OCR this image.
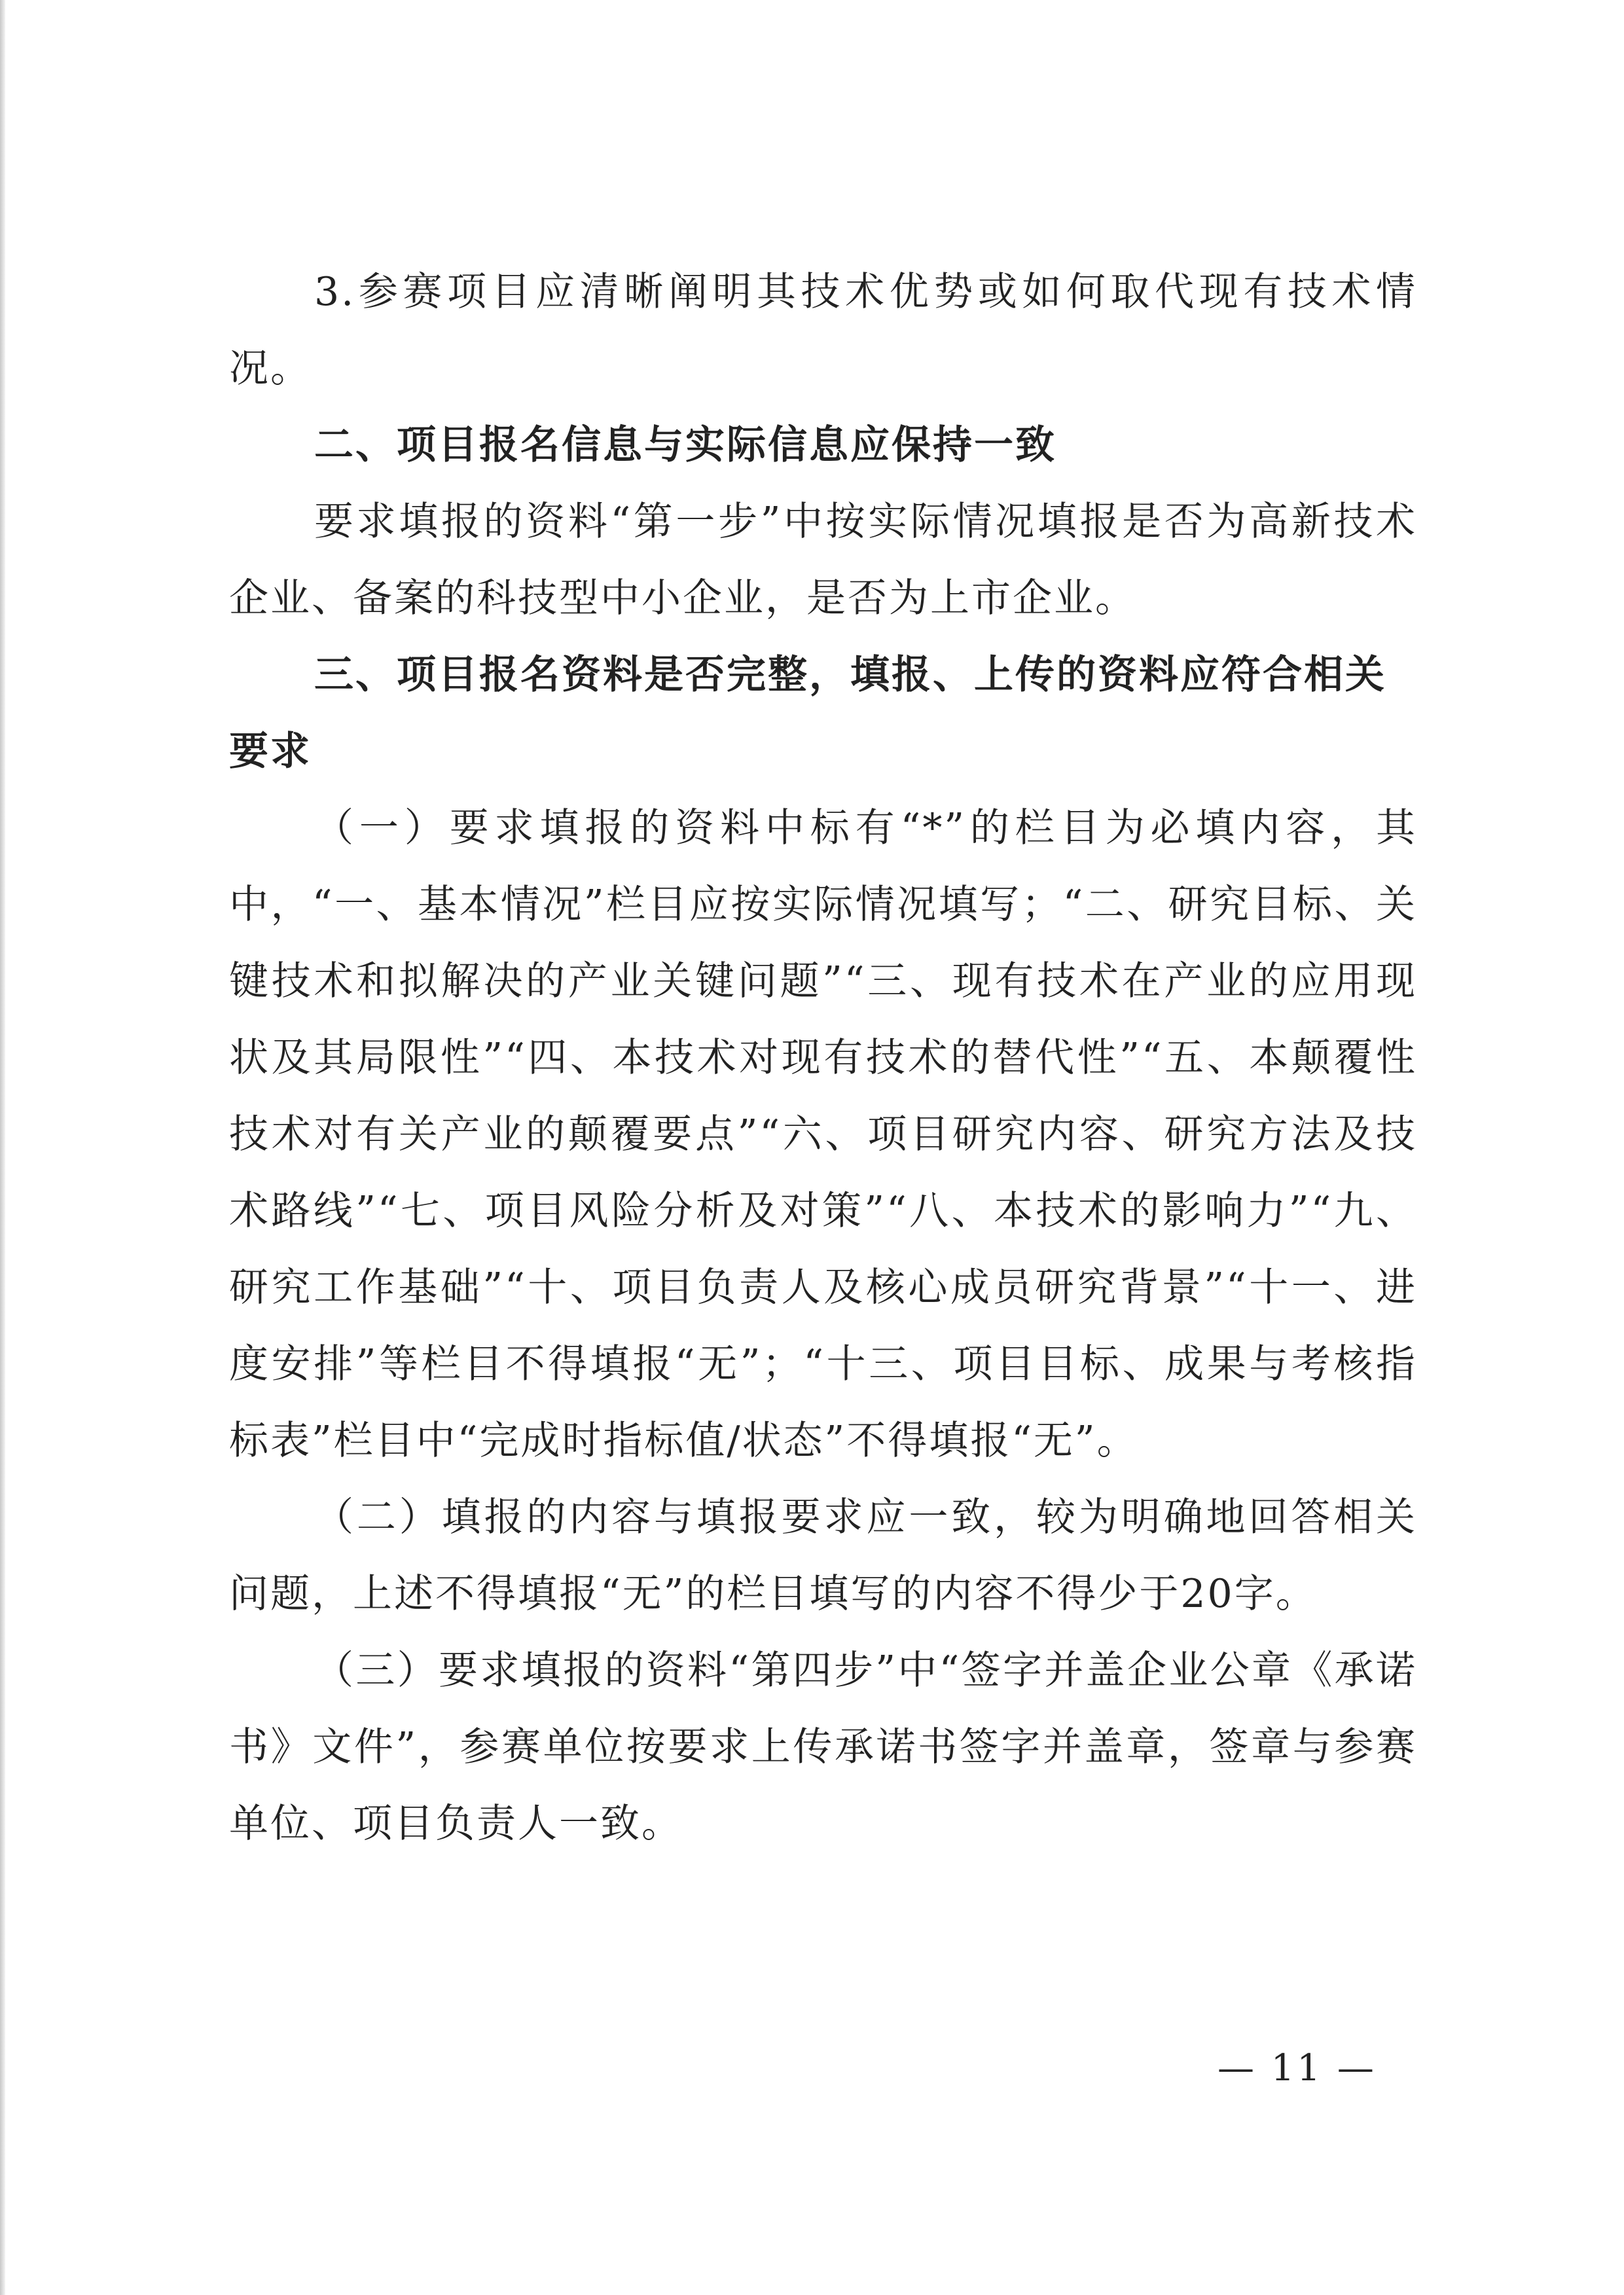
3.参赛项目应清晰阐明其技术优势或如何取代现有技术情况。

二、项目报名信息与实际信息应保持一致

要求填报的资料“第一步”中按实际情况填报是否为高新技术企业、备案的科技型中小企业，是否为上市企业。

三、项目报名资料是否完整，填报、上传的资料应符合相关要求

（一）要求填报的资料中标有“*”的栏目为必填内容，其中，“一、基本情况”栏目应按实际情况填写；“二、研究目标、关键技术和拟解决的产业关键问题”“三、现有技术在产业的应用现状及其局限性”“四、本技术对现有技术的替代性”“五、本颠覆性技术对有关产业的颠覆要点”“六、项目研究内容、研究方法及技术路线”“七、项目风险分析及对策”“八、本技术的影响力”“九、研究工作基础”“十、项目负责人及核心成员研究背景”“十一、进度安排”等栏目不得填报“无”；“十三、项目目标、成果与考核指标表”栏目中“完成时指标值/状态”不得填报“无”。

（二）填报的内容与填报要求应一致，较为明确地回答相关问题，上述不得填报“无”的栏目填写的内容不得少于20字。

（三）要求填报的资料“第四步”中“签字并盖企业公章《承诺书》文件”，参赛单位按要求上传承诺书签字并盖章，签章与参赛单位、项目负责人一致。

— 11 —
